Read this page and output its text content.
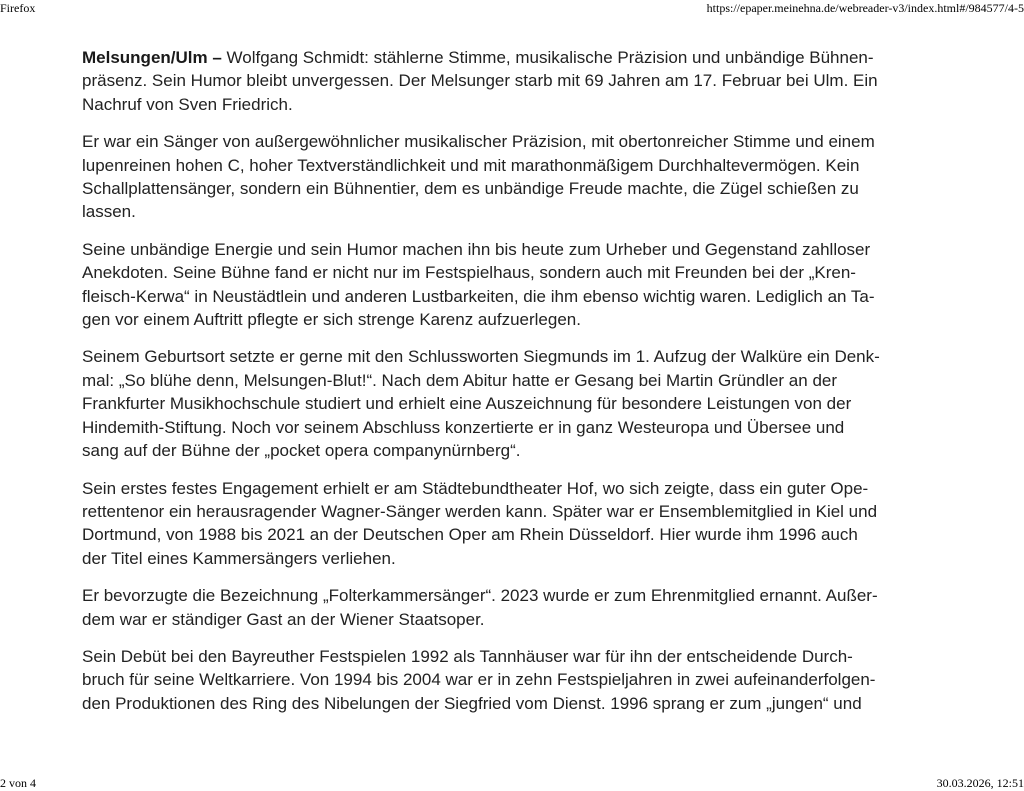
Firefox	https://epaper.meinehna.de/webreader-v3/index.html#/984577/4-5

Melsungen/Ulm – Wolfgang Schmidt: stählerne Stimme, musikalische Präzision und unbändige Bühnen-
präsenz. Sein Humor bleibt unvergessen. Der Melsunger starb mit 69 Jahren am 17. Februar bei Ulm. Ein
Nachruf von Sven Friedrich.

Er war ein Sänger von außergewöhnlicher musikalischer Präzision, mit obertonreicher Stimme und einem
lupenreinen hohen C, hoher Textverständlichkeit und mit marathonmäßigem Durchhaltevermögen. Kein
Schallplattensänger, sondern ein Bühnentier, dem es unbändige Freude machte, die Zügel schießen zu
lassen.

Seine unbändige Energie und sein Humor machen ihn bis heute zum Urheber und Gegenstand zahlloser
Anekdoten. Seine Bühne fand er nicht nur im Festspielhaus, sondern auch mit Freunden bei der „Kren-
fleisch-Kerwa“ in Neustädtlein und anderen Lustbarkeiten, die ihm ebenso wichtig waren. Lediglich an Ta-
gen vor einem Auftritt pflegte er sich strenge Karenz aufzuerlegen.

Seinem Geburtsort setzte er gerne mit den Schlussworten Siegmunds im 1. Aufzug der Walküre ein Denk-
mal: „So blühe denn, Melsungen-Blut!“. Nach dem Abitur hatte er Gesang bei Martin Gründler an der
Frankfurter Musikhochschule studiert und erhielt eine Auszeichnung für besondere Leistungen von der
Hindemith-Stiftung. Noch vor seinem Abschluss konzertierte er in ganz Westeuropa und Übersee und
sang auf der Bühne der „pocket opera companynürnberg“.

Sein erstes festes Engagement erhielt er am Städtebundtheater Hof, wo sich zeigte, dass ein guter Ope-
rettentenor ein herausragender Wagner-Sänger werden kann. Später war er Ensemblemitglied in Kiel und
Dortmund, von 1988 bis 2021 an der Deutschen Oper am Rhein Düsseldorf. Hier wurde ihm 1996 auch
der Titel eines Kammersängers verliehen.

Er bevorzugte die Bezeichnung „Folterkammersänger“. 2023 wurde er zum Ehrenmitglied ernannt. Außer-
dem war er ständiger Gast an der Wiener Staatsoper.

Sein Debüt bei den Bayreuther Festspielen 1992 als Tannhäuser war für ihn der entscheidende Durch-
bruch für seine Weltkarriere. Von 1994 bis 2004 war er in zehn Festspieljahren in zwei aufeinanderfolgen-
den Produktionen des Ring des Nibelungen der Siegfried vom Dienst. 1996 sprang er zum „jungen“ und

2 von 4	30.03.2026, 12:51
